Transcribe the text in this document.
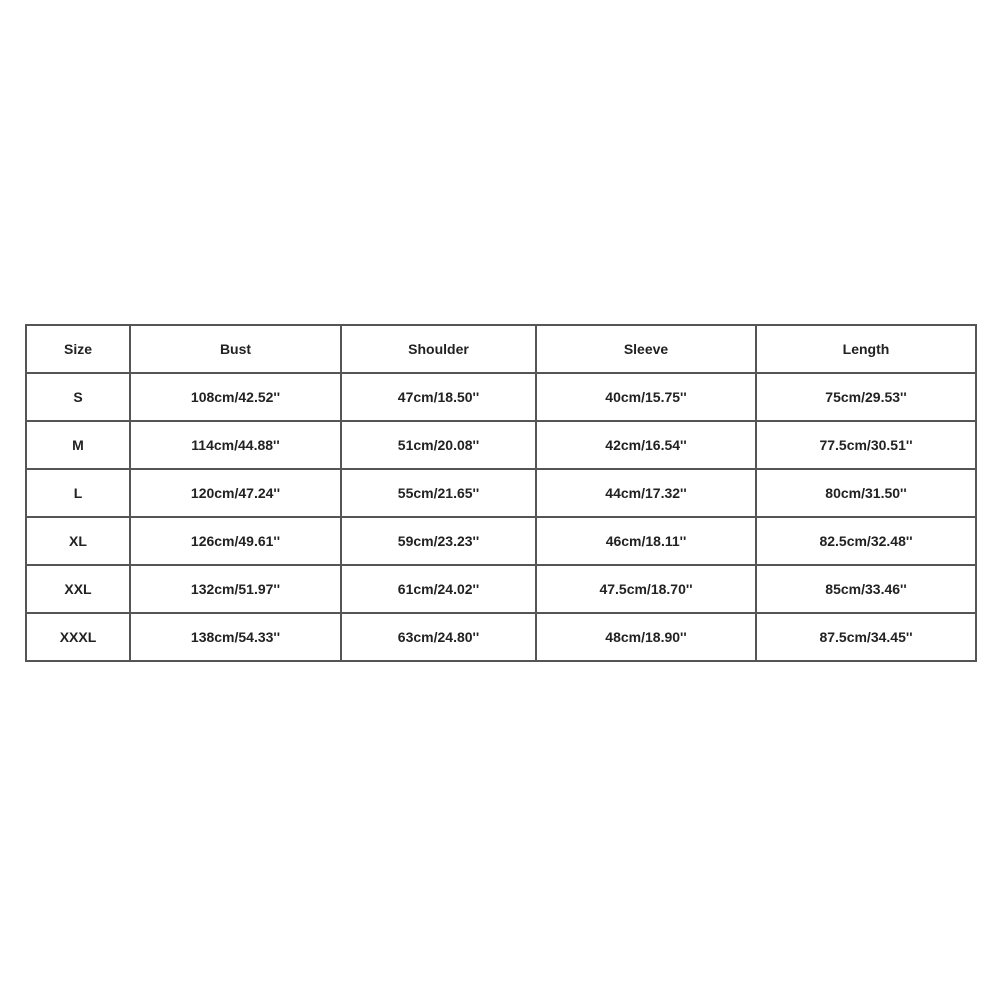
Size	Bust	Shoulder	Sleeve	Length
S	108cm/42.52''	47cm/18.50''	40cm/15.75''	75cm/29.53''
M	114cm/44.88''	51cm/20.08''	42cm/16.54''	77.5cm/30.51''
L	120cm/47.24''	55cm/21.65''	44cm/17.32''	80cm/31.50''
XL	126cm/49.61''	59cm/23.23''	46cm/18.11''	82.5cm/32.48''
XXL	132cm/51.97''	61cm/24.02''	47.5cm/18.70''	85cm/33.46''
XXXL	138cm/54.33''	63cm/24.80''	48cm/18.90''	87.5cm/34.45''
